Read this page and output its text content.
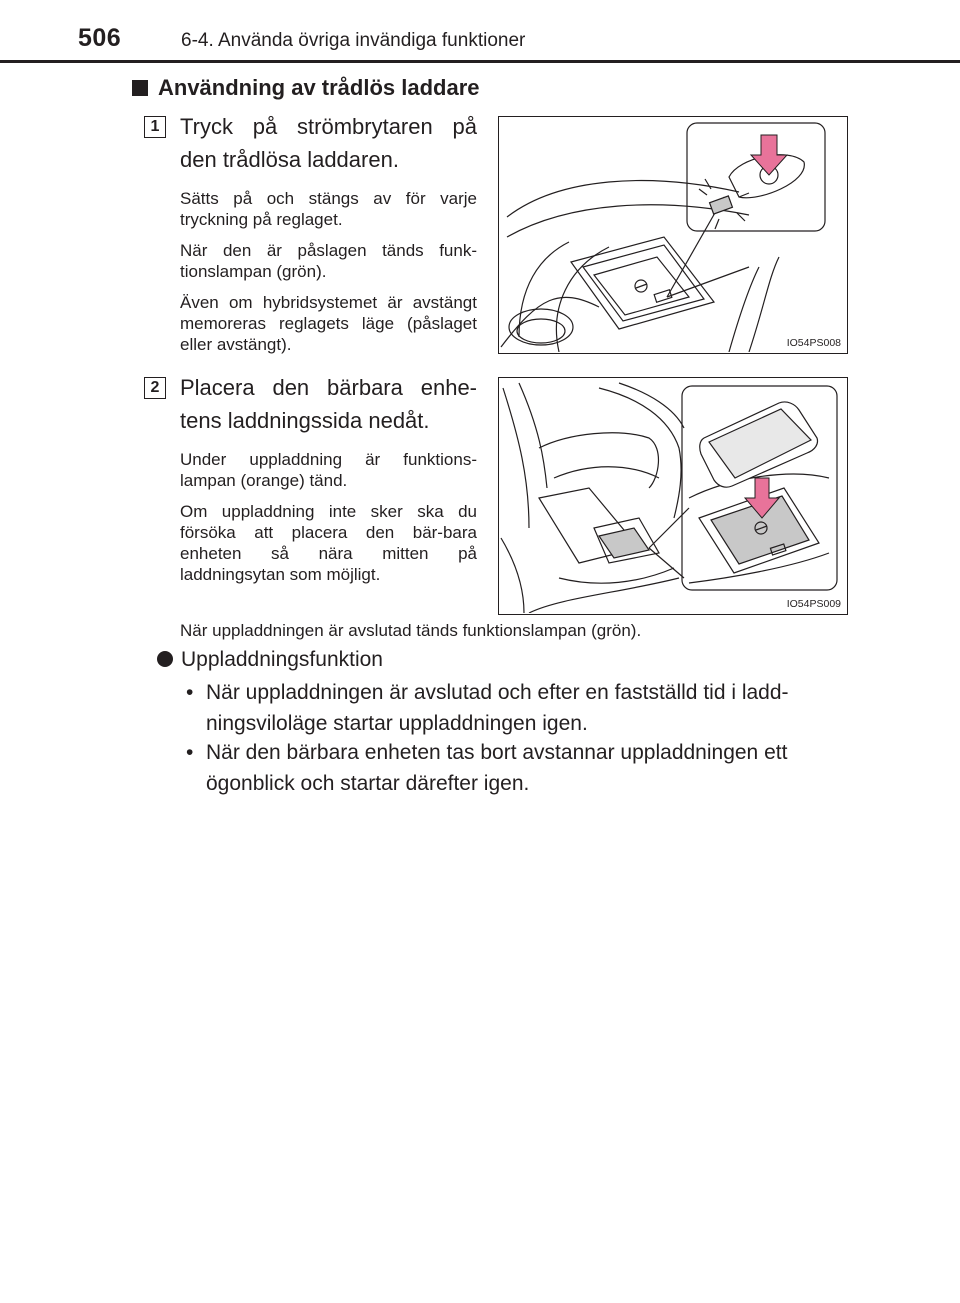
506	6-4. Använda övriga invändiga funktioner
Användning av trådlös laddare
1 Tryck på strömbrytaren på
den trådlösa laddaren.
Sätts på och stängs av för varje tryckning på reglaget.
När den är påslagen tänds funk-tionslampan (grön).
Även om hybridsystemet är avstängt memoreras reglagets läge (påslaget eller avstängt).	IO54PS008
2 Placera den bärbara enhe-
tens laddningssida nedåt.
Under uppladdning är funktions-lampan (orange) tänd.
Om uppladdning inte sker ska du försöka att placera den bär-bara enheten så nära mitten på laddningsytan som möjligt.
IO54PS009
När uppladdningen är avslutad tänds funktionslampan (grön).
Uppladdningsfunktion
• När uppladdningen är avslutad och efter en fastställd tid i ladd-
ningsviloläge startar uppladdningen igen.
• När den bärbara enheten tas bort avstannar uppladdningen ett
ögonblick och startar därefter igen.
